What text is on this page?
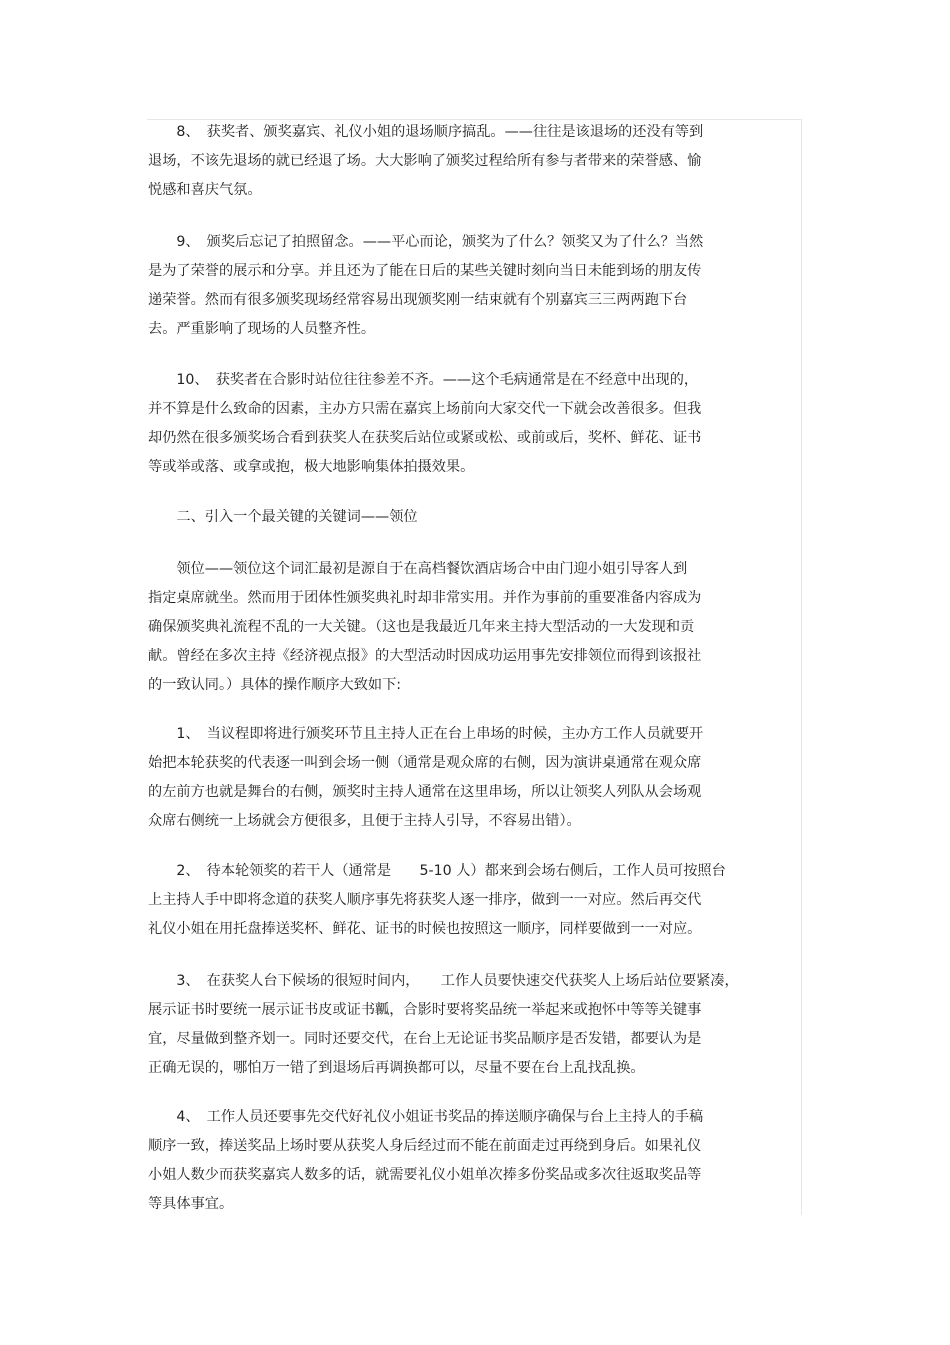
　　8、　获奖者、颁奖嘉宾、礼仪小姐的退场顺序搞乱。——往往是该退场的还没有等到
退场，不该先退场的就已经退了场。大大影响了颁奖过程给所有参与者带来的荣誉感、愉
悦感和喜庆气氛。
　　9、　颁奖后忘记了拍照留念。——平心而论，颁奖为了什么？领奖又为了什么？当然
是为了荣誉的展示和分享。并且还为了能在日后的某些关键时刻向当日未能到场的朋友传
递荣誉。然而有很多颁奖现场经常容易出现颁奖刚一结束就有个别嘉宾三三两两跑下台
去。严重影响了现场的人员整齐性。
　　10、　获奖者在合影时站位往往参差不齐。——这个毛病通常是在不经意中出现的，
并不算是什么致命的因素，主办方只需在嘉宾上场前向大家交代一下就会改善很多。但我
却仍然在很多颁奖场合看到获奖人在获奖后站位或紧或松、或前或后，奖杯、鲜花、证书
等或举或落、或拿或抱，极大地影响集体拍摄效果。
　　二、引入一个最关键的关键词——领位
　　领位——领位这个词汇最初是源自于在高档餐饮酒店场合中由门迎小姐引导客人到
指定桌席就坐。然而用于团体性颁奖典礼时却非常实用。并作为事前的重要准备内容成为
确保颁奖典礼流程不乱的一大关键。（这也是我最近几年来主持大型活动的一大发现和贡
献。曾经在多次主持《经济视点报》的大型活动时因成功运用事先安排领位而得到该报社
的一致认同。）具体的操作顺序大致如下:
　　1、　当议程即将进行颁奖环节且主持人正在台上串场的时候，主办方工作人员就要开
始把本轮获奖的代表逐一叫到会场一侧（通常是观众席的右侧，因为演讲桌通常在观众席
的左前方也就是舞台的右侧，颁奖时主持人通常在这里串场，所以让领奖人列队从会场观
众席右侧统一上场就会方便很多，且便于主持人引导，不容易出错）。
　　2、　待本轮领奖的若干人（通常是　　5-10 人）都来到会场右侧后，工作人员可按照台
上主持人手中即将念道的获奖人顺序事先将获奖人逐一排序，做到一一对应。然后再交代
礼仪小姐在用托盘捧送奖杯、鲜花、证书的时候也按照这一顺序，同样要做到一一对应。
　　3、　在获奖人台下候场的很短时间内，　　工作人员要快速交代获奖人上场后站位要紧凑，
展示证书时要统一展示证书皮或证书瓤，合影时要将奖品统一举起来或抱怀中等等关键事
宜，尽量做到整齐划一。同时还要交代，在台上无论证书奖品顺序是否发错，都要认为是
正确无误的，哪怕万一错了到退场后再调换都可以，尽量不要在台上乱找乱换。
　　4、　工作人员还要事先交代好礼仪小姐证书奖品的捧送顺序确保与台上主持人的手稿
顺序一致，捧送奖品上场时要从获奖人身后经过而不能在前面走过再绕到身后。如果礼仪
小姐人数少而获奖嘉宾人数多的话，就需要礼仪小姐单次捧多份奖品或多次往返取奖品等
等具体事宜。
